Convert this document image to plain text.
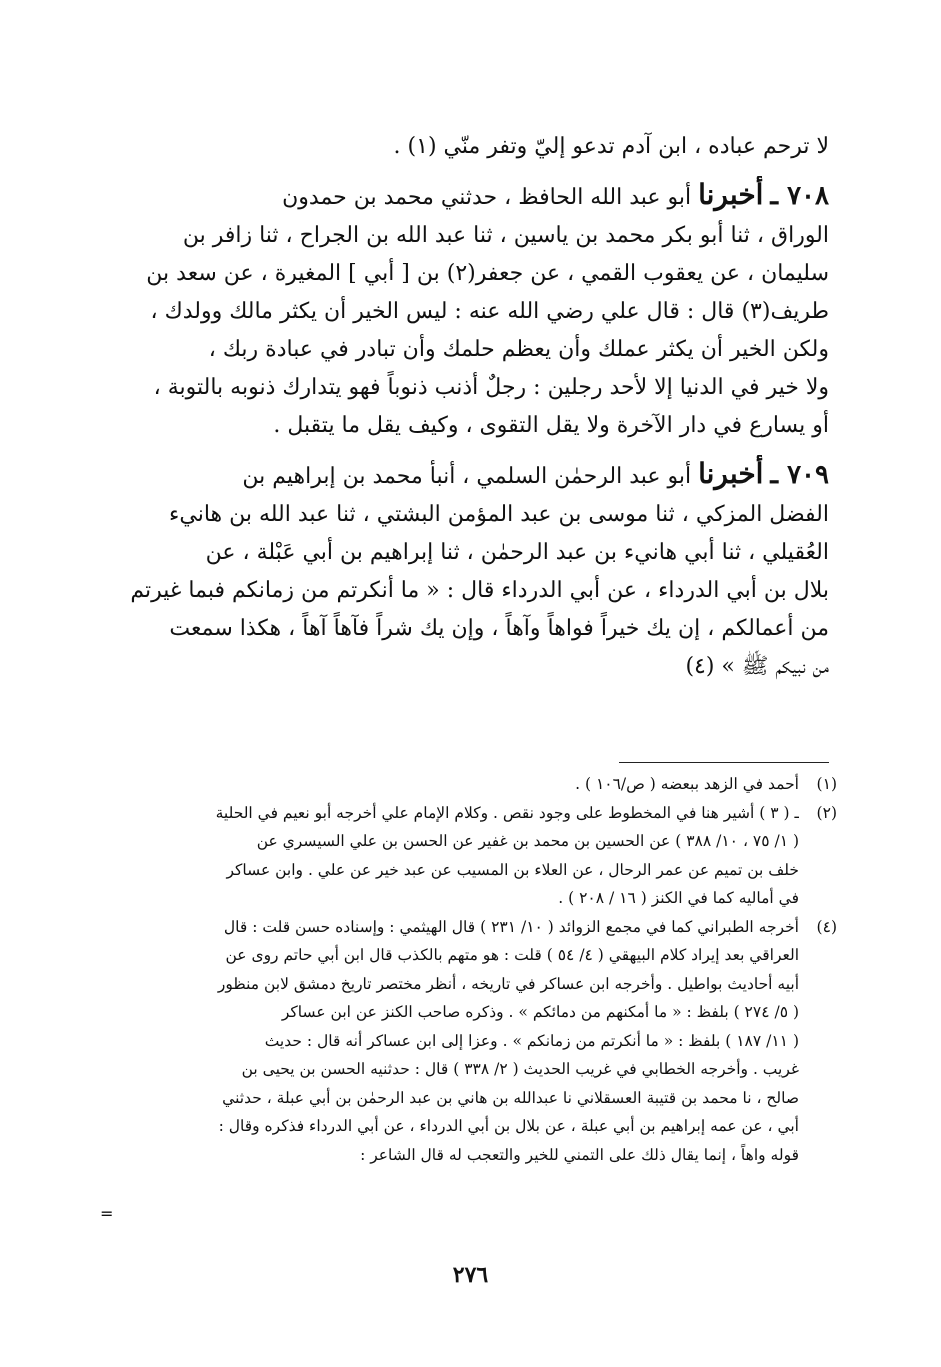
لا ترحم عباده ، ابن آدم تدعو إليّ وتفر منّي (١) .

٧٠٨ ـ أخبرنا أبو عبد الله الحافظ ، حدثني محمد بن حمدون

الوراق ، ثنا أبو بكر محمد بن ياسين ، ثنا عبد الله بن الجراح ، ثنا زافر بن

سليمان ، عن يعقوب القمي ، عن جعفر(٢) بن [ أبي ] المغيرة ، عن سعد بن

طريف(٣) قال : قال علي رضي الله عنه : ليس الخير أن يكثر مالك وولدك ،

ولكن الخير أن يكثر عملك وأن يعظم حلمك وأن تبادر في عبادة ربك ،

ولا خير في الدنيا إلا لأحد رجلين : رجلٌ أذنب ذنوباً فهو يتدارك ذنوبه بالتوبة ،

أو يسارع في دار الآخرة ولا يقل التقوى ، وكيف يقل ما يتقبل .

٧٠٩ ـ أخبرنا أبو عبد الرحمٰن السلمي ، أنبأ محمد بن إبراهيم بن

الفضل المزكي ، ثنا موسى بن عبد المؤمن البشتي ، ثنا عبد الله بن هانيء

العُقيلي ، ثنا أبي هانيء بن عبد الرحمٰن ، ثنا إبراهيم بن أبي عَبْلة ، عن

بلال بن أبي الدرداء ، عن أبي الدرداء قال : « ما أنكرتم من زمانكم فبما غيرتم

من أعمالكم ، إن يك خيراً فواهاً وآهاً ، وإن يك شراً فآهاً آهاً ، هكذا سمعت

من نبيكم ﷺ » (٤)

(١)

أحمد في الزهد ببعضه ( ص/١٠٦ ) .

(٢)

ـ ( ٣ ) أشير هنا في المخطوط على وجود نقص . وكلام الإمام علي أخرجه أبو نعيم في الحلية

( ١/ ٧٥ ، ١٠/ ٣٨٨ ) عن الحسين بن محمد بن غفير عن الحسن بن علي السيسري عن

خلف بن تميم عن عمر الرحال ، عن العلاء بن المسيب عن عبد خير عن علي . وابن عساكر

في أماليه كما في الكنز ( ١٦ / ٢٠٨ ) .

(٤)

أخرجه الطبراني كما في مجمع الزوائد ( ١٠/ ٢٣١ ) قال الهيثمي : وإسناده حسن قلت : قال

العراقي بعد إيراد كلام البيهقي ( ٤/ ٥٤ ) قلت : هو متهم بالكذب قال ابن أبي حاتم روى عن

أبيه أحاديث بواطيل . وأخرجه ابن عساكر في تاريخه ، أنظر مختصر تاريخ دمشق لابن منظور

( ٥/ ٢٧٤ ) بلفظ : « ما أمكنهم من دمائكم » . وذكره صاحب الكنز عن ابن عساكر

( ١١/ ١٨٧ ) بلفظ : « ما أنكرتم من زمانكم » . وعزا إلى ابن عساكر أنه قال : حديث

غريب . وأخرجه الخطابي في غريب الحديث ( ٢/ ٣٣٨ ) قال : حدثنيه الحسن بن يحيى بن

صالح ، نا محمد بن قتيبة العسقلاني نا عبدالله بن هاني بن عبد الرحمٰن بن أبي عبلة ، حدثني

أبي ، عن عمه إبراهيم بن أبي عبلة ، عن بلال بن أبي الدرداء ، عن أبي الدرداء فذكره وقال :

قوله واهاً ، إنما يقال ذلك على التمني للخير والتعجب له قال الشاعر :

=
٢٧٦
